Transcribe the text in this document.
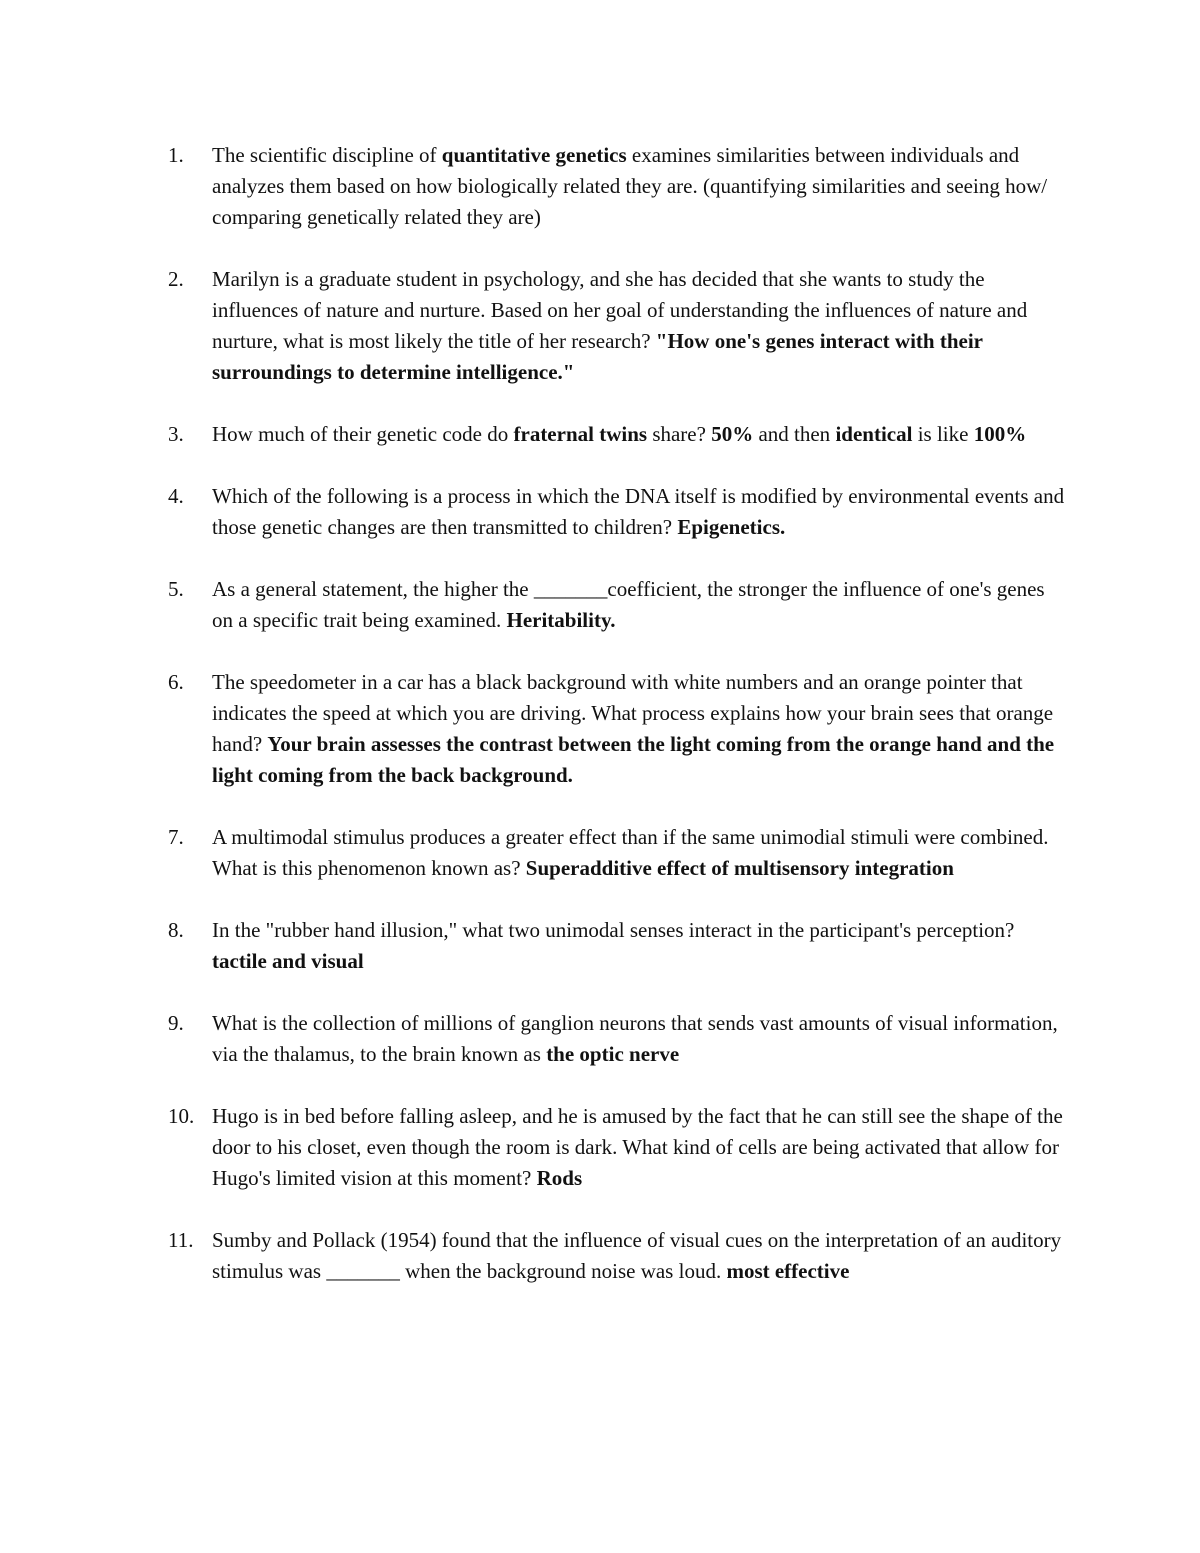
1.	The scientific discipline of quantitative genetics examines similarities between individuals and analyzes them based on how biologically related they are. (quantifying similarities and seeing how/ comparing genetically related they are)
2.	Marilyn is a graduate student in psychology, and she has decided that she wants to study the influences of nature and nurture. Based on her goal of understanding the influences of nature and nurture, what is most likely the title of her research? "How one's genes interact with their surroundings to determine intelligence."
3.	How much of their genetic code do fraternal twins share? 50% and then identical is like 100%
4.	Which of the following is a process in which the DNA itself is modified by environmental events and those genetic changes are then transmitted to children? Epigenetics.
5.	As a general statement, the higher the _______coefficient, the stronger the influence of one's genes on a specific trait being examined. Heritability.
6.	The speedometer in a car has a black background with white numbers and an orange pointer that indicates the speed at which you are driving. What process explains how your brain sees that orange hand? Your brain assesses the contrast between the light coming from the orange hand and the light coming from the back background.
7.	A multimodal stimulus produces a greater effect than if the same unimodial stimuli were combined. What is this phenomenon known as? Superadditive effect of multisensory integration
8.	In the "rubber hand illusion," what two unimodal senses interact in the participant's perception? tactile and visual
9.	What is the collection of millions of ganglion neurons that sends vast amounts of visual information, via the thalamus, to the brain known as the optic nerve
10. Hugo is in bed before falling asleep, and he is amused by the fact that he can still see the shape of the door to his closet, even though the room is dark. What kind of cells are being activated that allow for Hugo's limited vision at this moment? Rods
11. Sumby and Pollack (1954) found that the influence of visual cues on the interpretation of an auditory stimulus was _______ when the background noise was loud. most effective
